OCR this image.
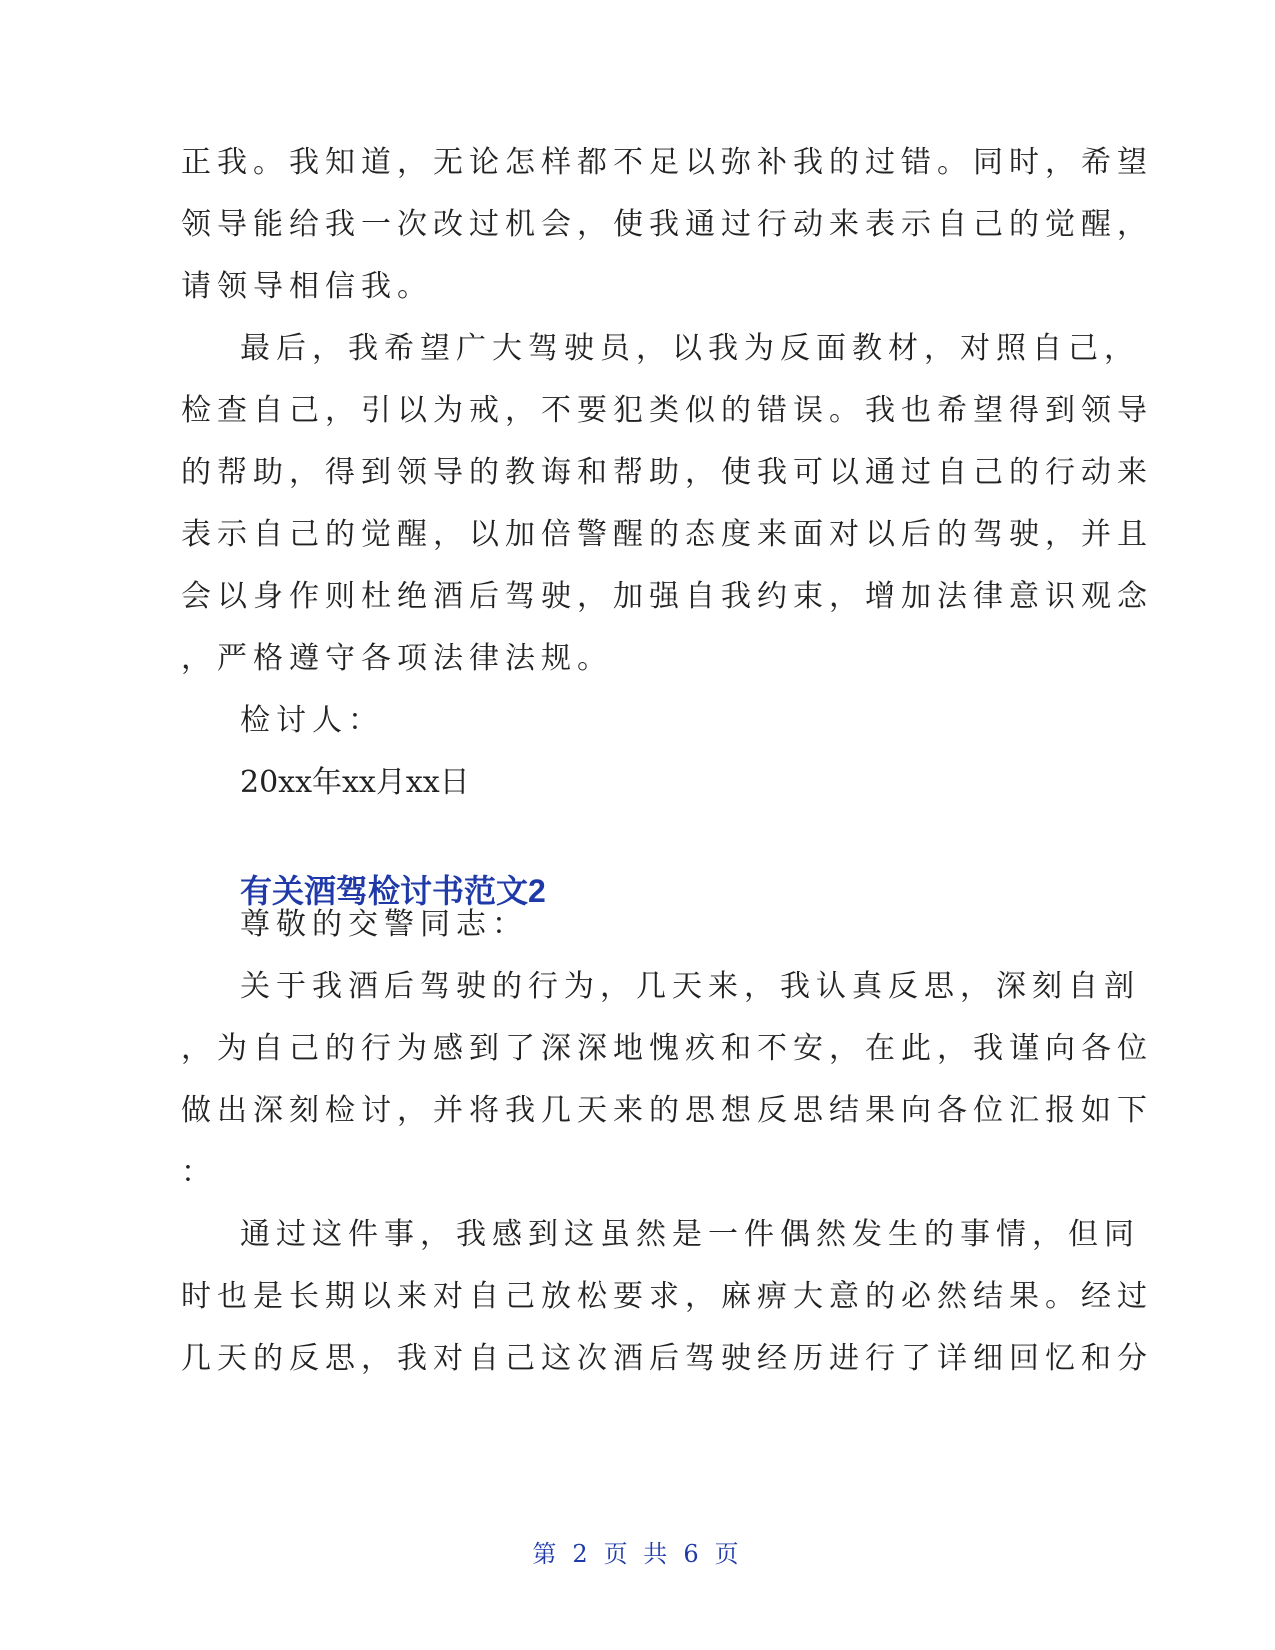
正我。我知道，无论怎样都不足以弥补我的过错。同时，希望
领导能给我一次改过机会，使我通过行动来表示自己的觉醒，
请领导相信我。
最后，我希望广大驾驶员，以我为反面教材，对照自己，
检查自己，引以为戒，不要犯类似的错误。我也希望得到领导
的帮助，得到领导的教诲和帮助，使我可以通过自己的行动来
表示自己的觉醒，以加倍警醒的态度来面对以后的驾驶，并且
会以身作则杜绝酒后驾驶，加强自我约束，增加法律意识观念
，严格遵守各项法律法规。
检讨人：
20xx年xx月xx日
有关酒驾检讨书范文2
尊敬的交警同志：
关于我酒后驾驶的行为，几天来，我认真反思，深刻自剖
，为自己的行为感到了深深地愧疚和不安，在此，我谨向各位
做出深刻检讨，并将我几天来的思想反思结果向各位汇报如下
：
通过这件事，我感到这虽然是一件偶然发生的事情，但同
时也是长期以来对自己放松要求，麻痹大意的必然结果。经过
几天的反思，我对自己这次酒后驾驶经历进行了详细回忆和分
第 2 页 共 6 页
